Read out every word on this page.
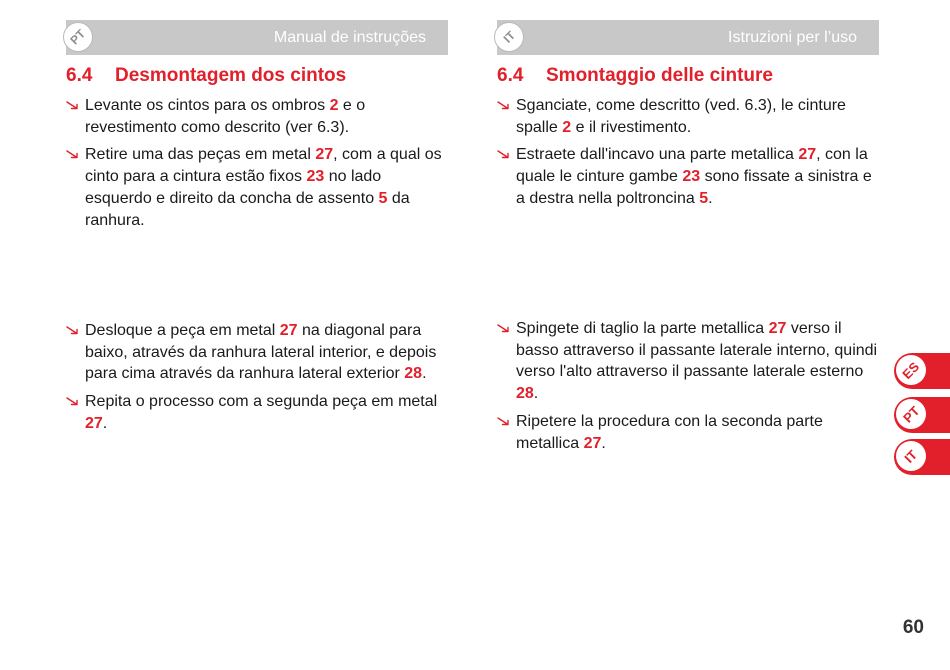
PT	Manual de instruções
6.4	Desmontagem dos cintos
Levante os cintos para os ombros 2 e o revestimento como descrito (ver 6.3).
Retire uma das peças em metal 27, com a qual os cinto para a cintura estão fixos 23 no lado esquerdo e direito da concha de assento 5 da ranhura.
Desloque a peça em metal 27 na diagonal para baixo, através da ranhura lateral interior, e depois para cima através da ranhura lateral exterior 28.
Repita o processo com a segunda peça em metal 27.
IT	Istruzioni per l’uso
6.4	Smontaggio delle cinture
Sganciate, come descritto (ved. 6.3), le cinture spalle 2 e il rivestimento.
Estraete dall'incavo una parte metallica 27, con la quale le cinture gambe 23 sono fissate a sinistra e a destra nella poltroncina 5.
Spingete di taglio la parte metallica 27 verso il basso attraverso il passante laterale interno, quindi verso l'alto attraverso il passante laterale esterno 28.
Ripetere la procedura con la seconda parte metallica 27.
ES
PT
IT
60
